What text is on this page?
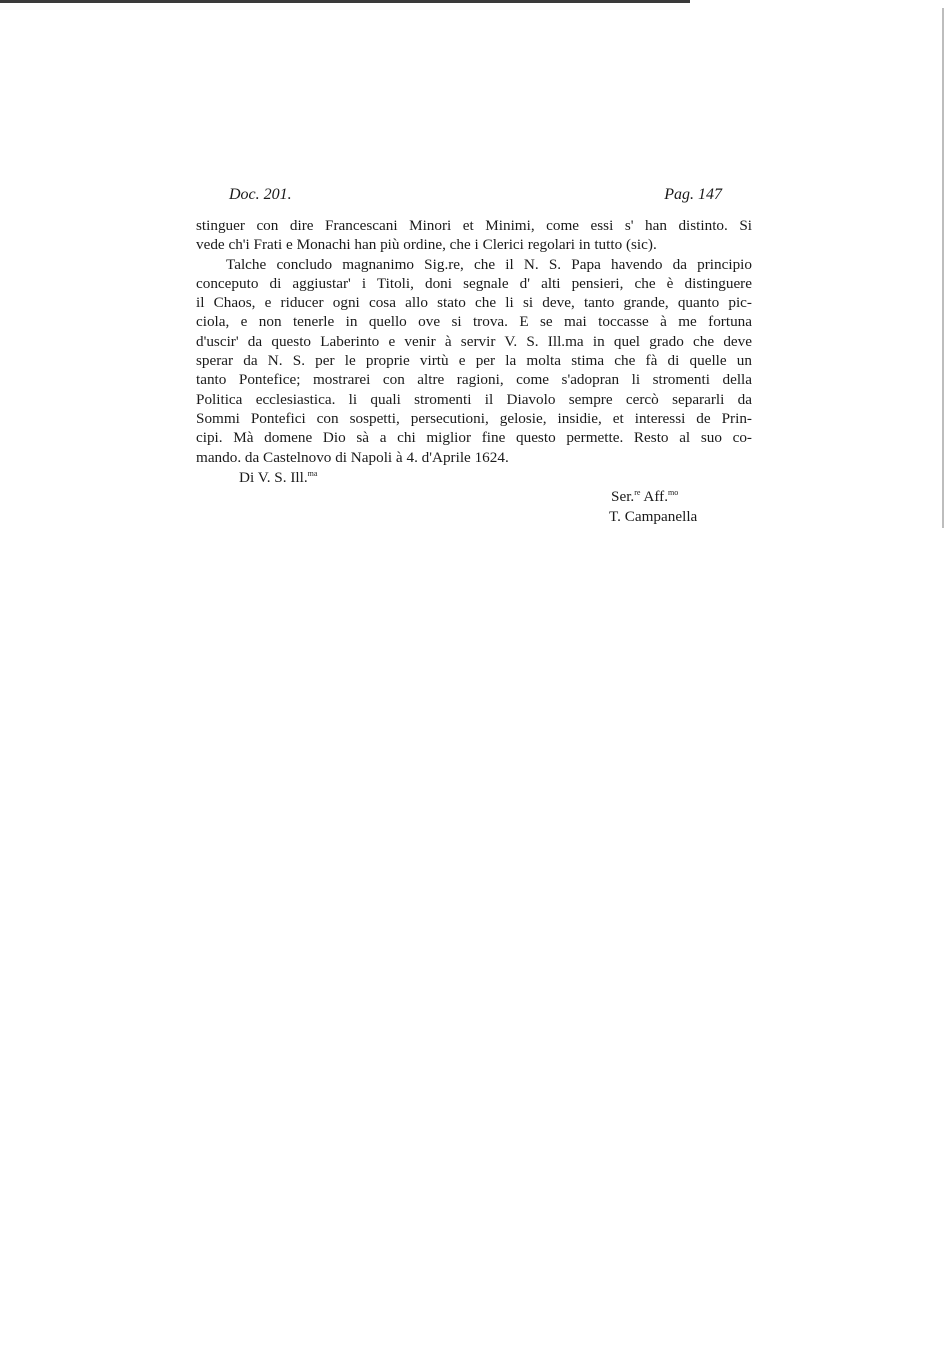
Doc. 201.	Pag. 147
stinguer con dire Francescani Minori et Minimi, come essi s' han distinto. Si
vede ch'i Frati e Monachi han più ordine, che i Clerici regolari in tutto (sic).
Talche concludo magnanimo Sig.re, che il N. S. Papa havendo da principio
conceputo di aggiustar' i Titoli, doni segnale d' alti pensieri, che è distinguere
il Chaos, e riducer ogni cosa allo stato che li si deve, tanto grande, quanto pic-
ciola, e non tenerle in quello ove si trova. E se mai toccasse à me fortuna
d'uscir' da questo Laberinto e venir à servir V. S. Ill.ma in quel grado che deve
sperar da N. S. per le proprie virtù e per la molta stima che fà di quelle un
tanto Pontefice; mostrarei con altre ragioni, come s'adopran li stromenti della
Politica ecclesiastica. li quali stromenti il Diavolo sempre cercò separarli da
Sommi Pontefici con sospetti, persecutioni, gelosie, insidie, et interessi de Prin-
cipi. Mà domene Dio sà a chi miglior fine questo permette. Resto al suo co-
mando. da Castelnovo di Napoli à 4. d'Aprile 1624.
Di V. S. Ill.$^{ma}$
Ser.$^{re}$ Aff.$^{mo}$
T. Campanella
